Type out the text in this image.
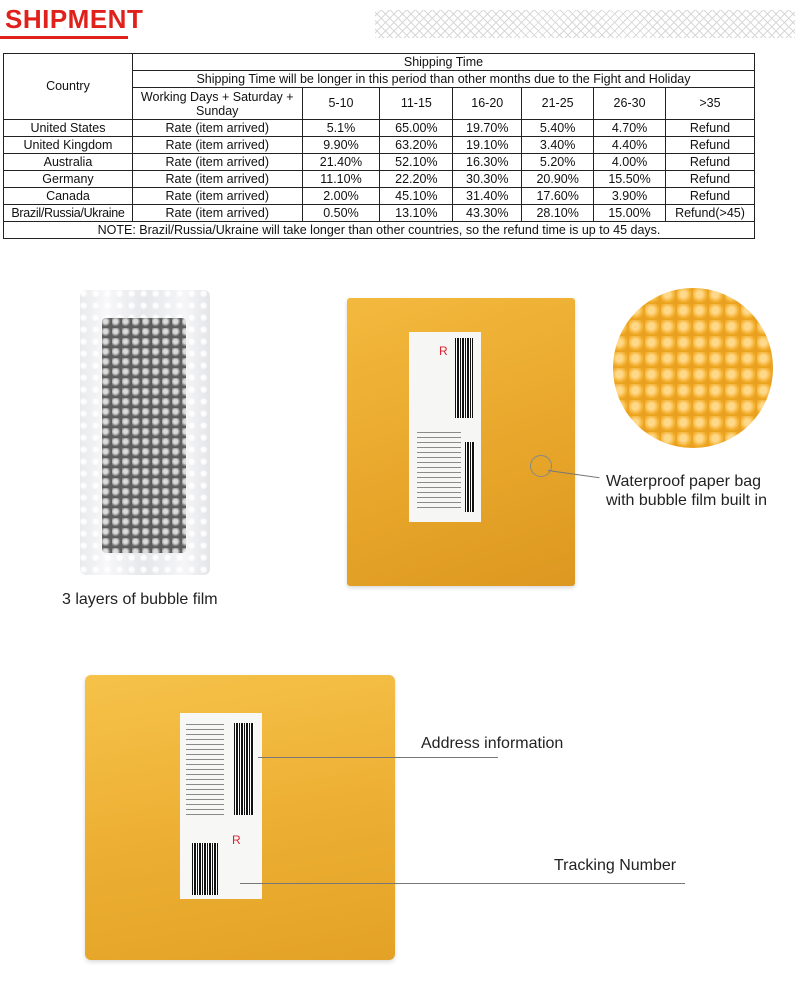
SHIPMENT
Country	Shipping Time						
	Shipping Time will be longer in this period than other months due to the Fight and Holiday						
	Working Days + Saturday + Sunday	5-10	11-15	16-20	21-25	26-30	>35
United States	Rate (item arrived)	5.1%	65.00%	19.70%	5.40%	4.70%	Refund
United Kingdom	Rate (item arrived)	9.90%	63.20%	19.10%	3.40%	4.40%	Refund
Australia	Rate (item arrived)	21.40%	52.10%	16.30%	5.20%	4.00%	Refund
Germany	Rate (item arrived)	11.10%	22.20%	30.30%	20.90%	15.50%	Refund
Canada	Rate (item arrived)	2.00%	45.10%	31.40%	17.60%	3.90%	Refund
Brazil/Russia/Ukraine	Rate (item arrived)	0.50%	13.10%	43.30%	28.10%	15.00%	Refund(>45)
NOTE: Brazil/Russia/Ukraine will take longer than other countries, so the refund time is up to 45 days.							
3 layers of bubble film
R
Waterproof paper bag
with bubble film built in
R
Address information
Tracking Number
